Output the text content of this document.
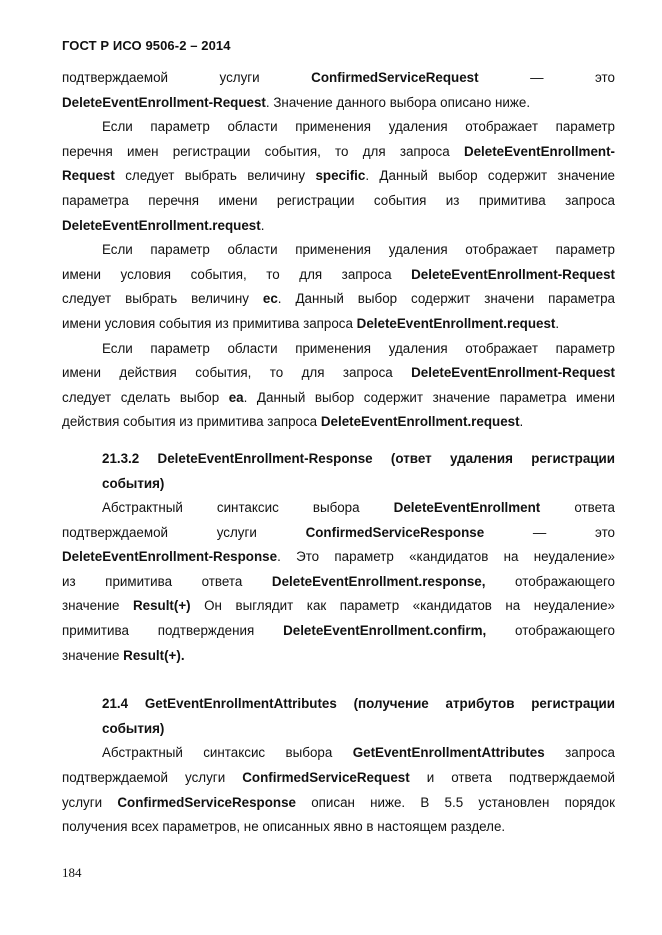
ГОСТ Р ИСО 9506-2 – 2014
подтверждаемой услуги ConfirmedServiceRequest — это
DeleteEventEnrollment-Request. Значение данного выбора описано ниже.
Если параметр области применения удаления отображает параметр
перечня имен регистрации события, то для запроса DeleteEventEnrollment-
Request следует выбрать величину specific. Данный выбор содержит значение
параметра перечня имени регистрации события из примитива запроса
DeleteEventEnrollment.request.
Если параметр области применения удаления отображает параметр
имени условия события, то для запроса DeleteEventEnrollment-Request
следует выбрать величину ec. Данный выбор содержит значени параметра
имени условия события из примитива запроса DeleteEventEnrollment.request.
Если параметр области применения удаления отображает параметр
имени действия события, то для запроса DeleteEventEnrollment-Request
следует сделать выбор ea. Данный выбор содержит значение параметра имени
действия события из примитива запроса DeleteEventEnrollment.request.
21.3.2 DeleteEventEnrollment-Response (ответ удаления регистрации
события)
Абстрактный синтаксис выбора DeleteEventEnrollment ответа
подтверждаемой услуги ConfirmedServiceResponse — это
DeleteEventEnrollment-Response. Это параметр «кандидатов на неудаление»
из примитива ответа DeleteEventEnrollment.response, отображающего
значение Result(+) Он выглядит как параметр «кандидатов на неудаление»
примитива подтверждения DeleteEventEnrollment.confirm, отображающего
значение Result(+).
21.4 GetEventEnrollmentAttributes (получение атрибутов регистрации
события)
Абстрактный синтаксис выбора GetEventEnrollmentAttributes запроса
подтверждаемой услуги ConfirmedServiceRequest и ответа подтверждаемой
услуги ConfirmedServiceResponse описан ниже. В 5.5 установлен порядок
получения всех параметров, не описанных явно в настоящем разделе.
184
